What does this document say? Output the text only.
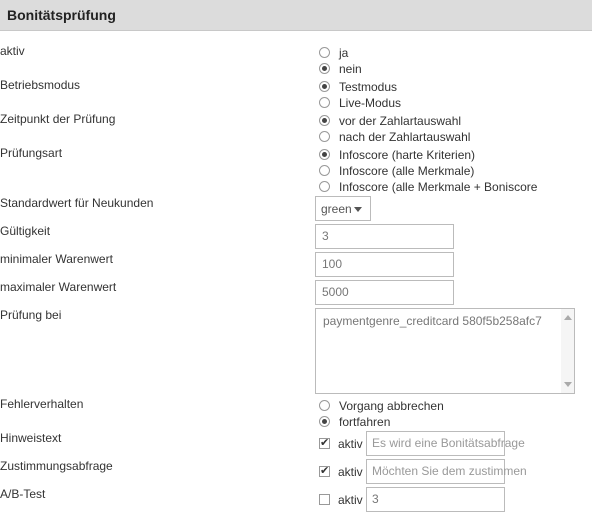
Bonitätsprüfung
aktiv	ja
nein
Betriebsmodus	Testmodus
Live-Modus
Zeitpunkt der Prüfung	vor der Zahlartauswahl
nach der Zahlartauswahl
Prüfungsart	Infoscore (harte Kriterien)
Infoscore (alle Merkmale)
Infoscore (alle Merkmale + Boniscore
Standardwert für Neukunden	green
Gültigkeit	3
minimaler Warenwert	100
maximaler Warenwert	5000
Prüfung bei	paymentgenre_creditcard 580f5b258afc7
Fehlerverhalten	Vorgang abbrechen
fortfahren
Hinweistext ✔	aktiv Es wird eine Bonitätsabfrage
Zustimmungsabfrage ✔	aktiv Möchten Sie dem zustimmen
A/B-Test	aktiv 3
